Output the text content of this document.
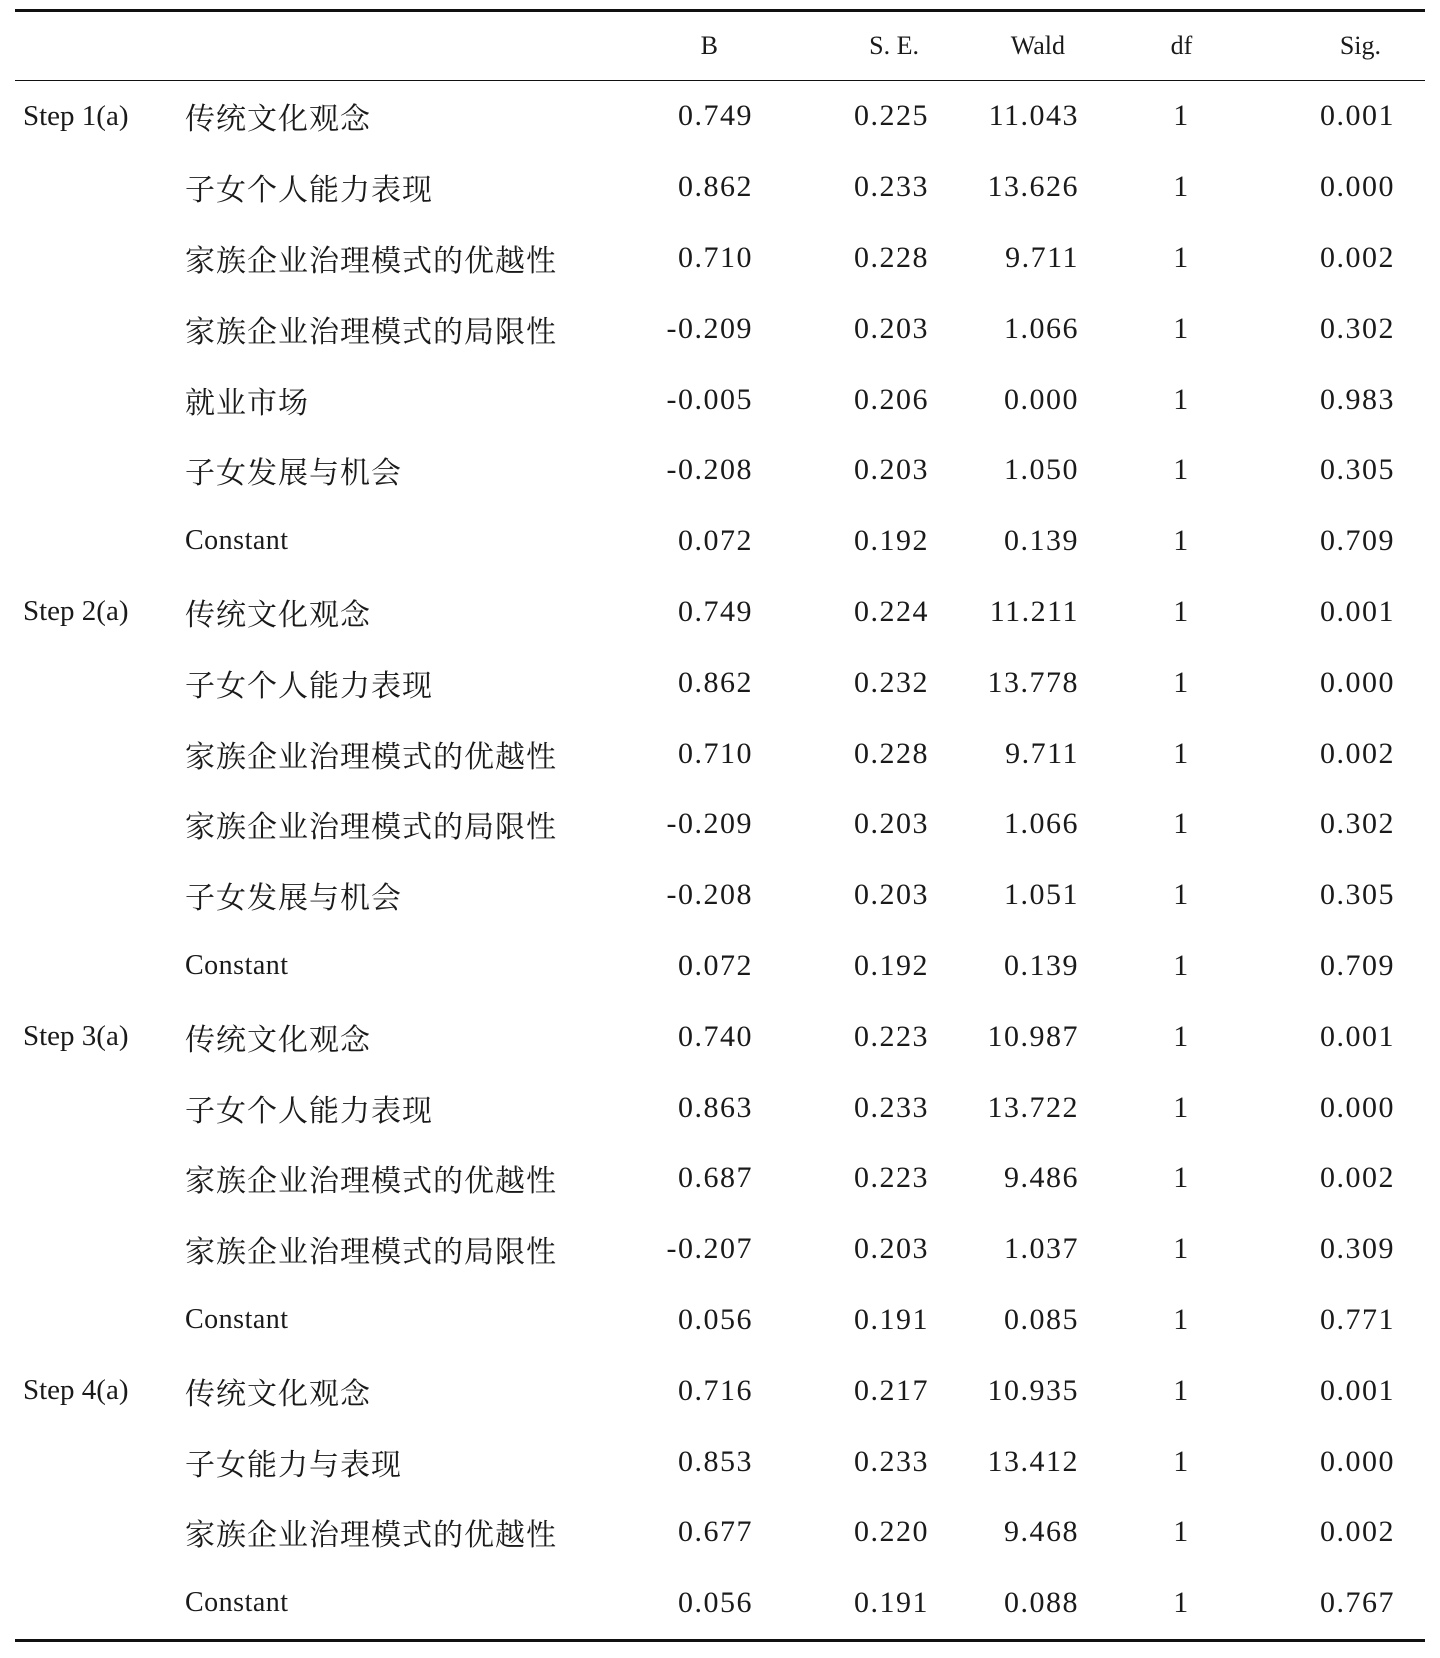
		B	S. E.	Wald	df	Sig.
Step 1(a)	传统文化观念	0.749	0.225	11.043	1	0.001
	子女个人能力表现	0.862	0.233	13.626	1	0.000
	家族企业治理模式的优越性	0.710	0.228	9.711	1	0.002
	家族企业治理模式的局限性	-0.209	0.203	1.066	1	0.302
	就业市场	-0.005	0.206	0.000	1	0.983
	子女发展与机会	-0.208	0.203	1.050	1	0.305
	Constant	0.072	0.192	0.139	1	0.709
Step 2(a)	传统文化观念	0.749	0.224	11.211	1	0.001
	子女个人能力表现	0.862	0.232	13.778	1	0.000
	家族企业治理模式的优越性	0.710	0.228	9.711	1	0.002
	家族企业治理模式的局限性	-0.209	0.203	1.066	1	0.302
	子女发展与机会	-0.208	0.203	1.051	1	0.305
	Constant	0.072	0.192	0.139	1	0.709
Step 3(a)	传统文化观念	0.740	0.223	10.987	1	0.001
	子女个人能力表现	0.863	0.233	13.722	1	0.000
	家族企业治理模式的优越性	0.687	0.223	9.486	1	0.002
	家族企业治理模式的局限性	-0.207	0.203	1.037	1	0.309
	Constant	0.056	0.191	0.085	1	0.771
Step 4(a)	传统文化观念	0.716	0.217	10.935	1	0.001
	子女能力与表现	0.853	0.233	13.412	1	0.000
	家族企业治理模式的优越性	0.677	0.220	9.468	1	0.002
	Constant	0.056	0.191	0.088	1	0.767
